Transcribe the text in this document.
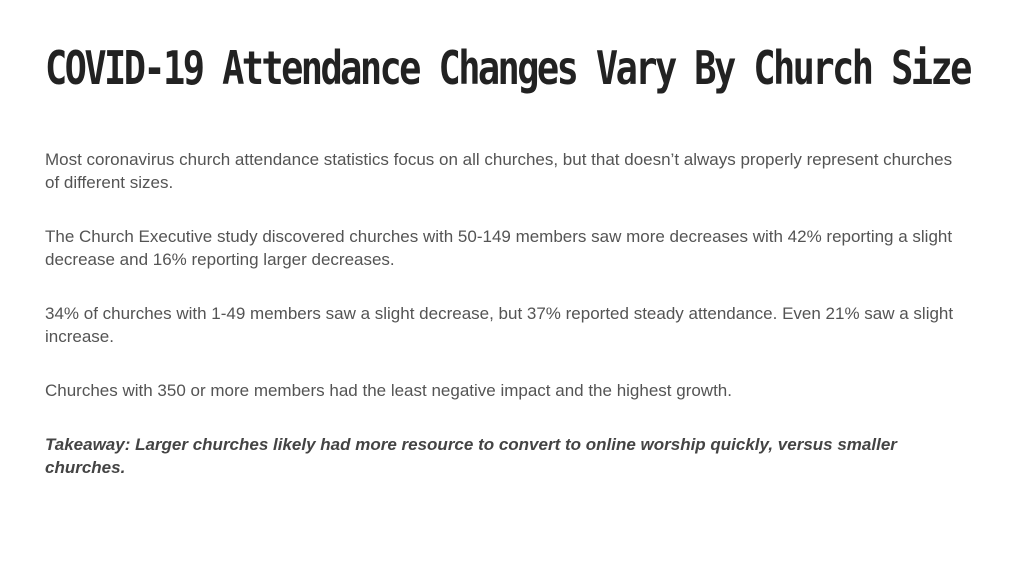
COVID-19 Attendance Changes Vary By Church Size

Most coronavirus church attendance statistics focus on all churches, but that doesn’t always properly represent churches of different sizes.

The Church Executive study discovered churches with 50-149 members saw more decreases with 42% reporting a slight decrease and 16% reporting larger decreases.

34% of churches with 1-49 members saw a slight decrease, but 37% reported steady attendance. Even 21% saw a slight increase.

Churches with 350 or more members had the least negative impact and the highest growth.

Takeaway: Larger churches likely had more resource to convert to online worship quickly, versus smaller churches.
